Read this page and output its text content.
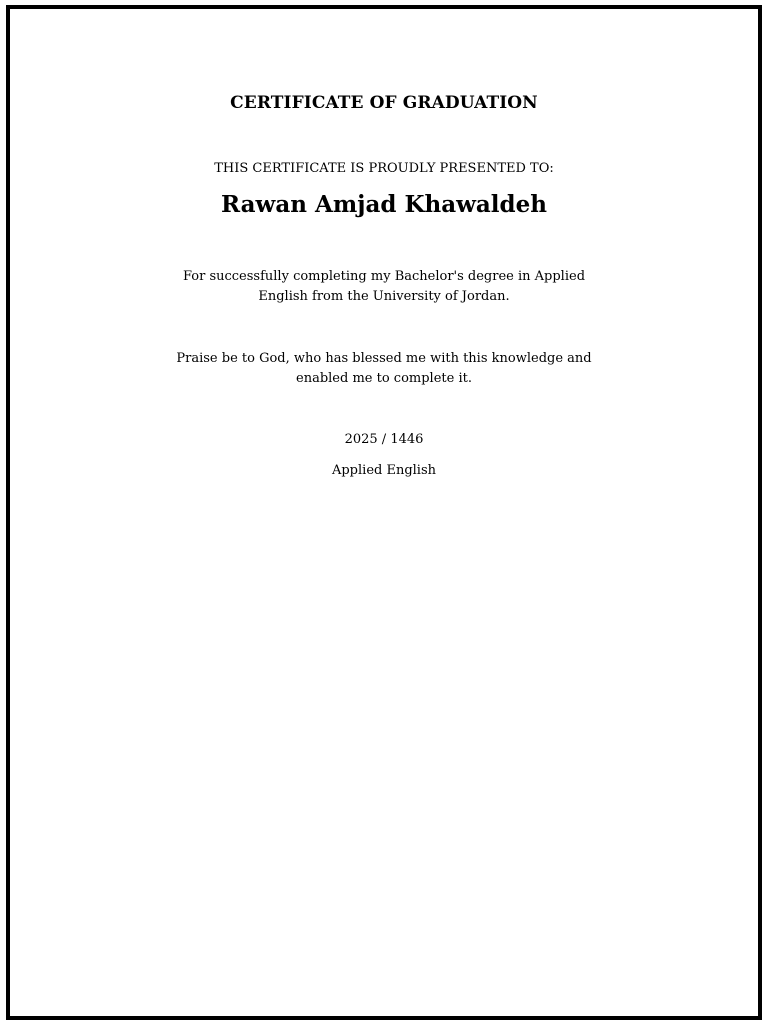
CERTIFICATE OF GRADUATION
THIS CERTIFICATE IS PROUDLY PRESENTED TO:
Rawan Amjad Khawaldeh
For successfully completing my Bachelor's degree in Applied
English from the University of Jordan.
Praise be to God, who has blessed me with this knowledge and
enabled me to complete it.
2025 / 1446
Applied English
